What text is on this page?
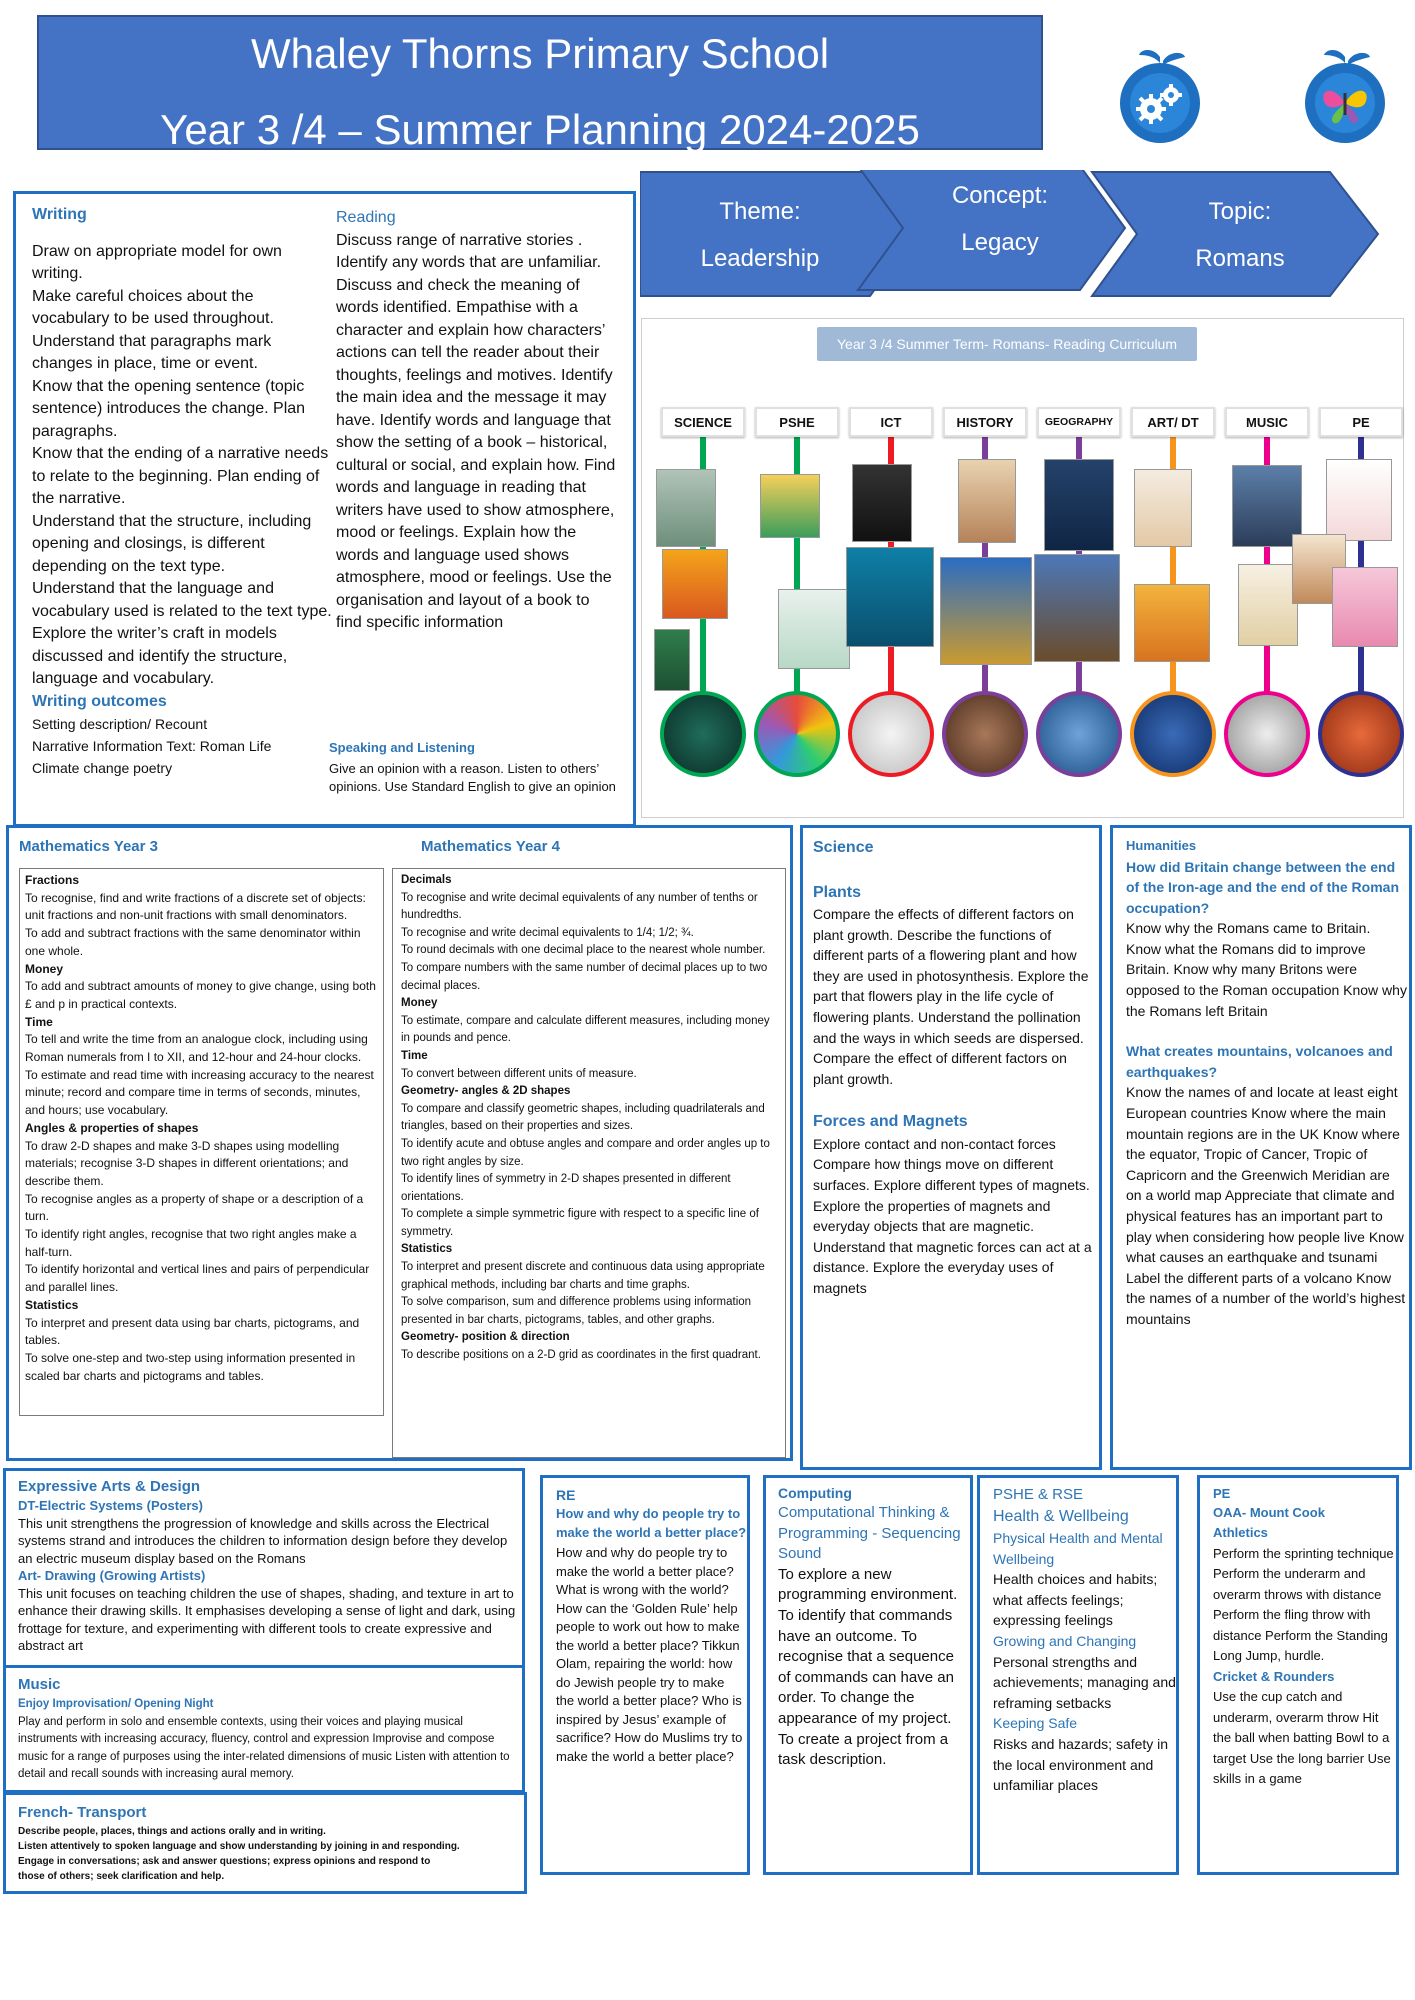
Whaley Thorns Primary School
Year 3 /4 – Summer Planning 2024-2025
Theme:
Leadership
Concept:
Legacy
Topic:
Romans
Writing

Draw on appropriate model for own writing.

Make careful choices about the vocabulary to be used throughout.

Understand that paragraphs mark changes in place, time or event.

Know that the opening sentence (topic sentence) introduces the change. Plan paragraphs.

Know that the ending of a narrative needs to relate to the beginning. Plan ending of the narrative.

Understand that the structure, including opening and closings, is different depending on the text type.

Understand that the language and vocabulary used is related to the text type.

Explore the writer’s craft in models discussed and identify the structure, language and vocabulary.

Writing outcomes

Setting description/ Recount

Narrative Information Text: Roman Life

Climate change poetry

Reading
Discuss range of narrative stories . Identify any words that are unfamiliar. Discuss and check the meaning of words identified. Empathise with a character and explain how characters’ actions can tell the reader about their thoughts, feelings and motives. Identify the main idea and the message it may have. Identify words and language that show the setting of a book – historical, cultural or social, and explain how. Find words and language in reading that writers have used to show atmosphere, mood or feelings. Explain how the words and language used shows atmosphere, mood or feelings. Use the organisation and layout of a book to find specific information
Speaking and Listening
Give an opinion with a reason. Listen to others’ opinions. Use Standard English to give an opinion
Year 3 /4 Summer Term- Romans- Reading Curriculum
SCIENCE	PSHE	ICT	HISTORY	GEOGRAPHY	ART/ DT	MUSIC	PE
Mathematics Year 3	Mathematics Year 4

Fractions

To recognise, find and write fractions of a discrete set of objects: unit fractions and non-unit fractions with small denominators.

To add and subtract fractions with the same denominator within one whole.

Money

To add and subtract amounts of money to give change, using both £ and p in practical contexts.

Time

To tell and write the time from an analogue clock, including using Roman numerals from I to XII, and 12-hour and 24-hour clocks.

To estimate and read time with increasing accuracy to the nearest minute; record and compare time in terms of seconds, minutes, and hours; use vocabulary.

Angles & properties of shapes

To draw 2-D shapes and make 3-D shapes using modelling materials; recognise 3-D shapes in different orientations; and describe them.

To recognise angles as a property of shape or a description of a turn.

To identify right angles, recognise that two right angles make a half-turn.

To identify horizontal and vertical lines and pairs of perpendicular and parallel lines.

Statistics

To interpret and present data using bar charts, pictograms, and tables.

To solve one-step and two-step using information presented in scaled bar charts and pictograms and tables.

Decimals

To recognise and write decimal equivalents of any number of tenths or hundredths.

To recognise and write decimal equivalents to 1/4; 1/2; ¾.

To round decimals with one decimal place to the nearest whole number.

To compare numbers with the same number of decimal places up to two decimal places.

Money

To estimate, compare and calculate different measures, including money in pounds and pence.

Time

To convert between different units of measure.

Geometry- angles & 2D shapes

To compare and classify geometric shapes, including quadrilaterals and triangles, based on their properties and sizes.

To identify acute and obtuse angles and compare and order angles up to two right angles by size.

To identify lines of symmetry in 2-D shapes presented in different orientations.

To complete a simple symmetric figure with respect to a specific line of symmetry.

Statistics

To interpret and present discrete and continuous data using appropriate graphical methods, including bar charts and time graphs.

To solve comparison, sum and difference problems using information presented in bar charts, pictograms, tables, and other graphs.

Geometry- position & direction

To describe positions on a 2-D grid as coordinates in the first quadrant.

Science
Plants
Compare the effects of different factors on plant growth. Describe the functions of different parts of a flowering plant and how they are used in photosynthesis. Explore the part that flowers play in the life cycle of flowering plants. Understand the pollination and the ways in which seeds are dispersed. Compare the effect of different factors on plant growth.
Forces and Magnets
Explore contact and non-contact forces Compare how things move on different surfaces. Explore different types of magnets. Explore the properties of magnets and everyday objects that are magnetic. Understand that magnetic forces can act at a distance. Explore the everyday uses of magnets
Humanities
How did Britain change between the end of the Iron-age and the end of the Roman occupation?
Know why the Romans came to Britain. Know what the Romans did to improve Britain. Know why many Britons were opposed to the Roman occupation Know why the Romans left Britain
What creates mountains, volcanoes and earthquakes?
Know the names of and locate at least eight European countries Know where the main mountain regions are in the UK Know where the equator, Tropic of Cancer, Tropic of Capricorn and the Greenwich Meridian are on a world map Appreciate that climate and physical features has an important part to play when considering how people live Know what causes an earthquake and tsunami Label the different parts of a volcano Know the names of a number of the world’s highest mountains
Expressive Arts & Design
DT-Electric Systems (Posters)
This unit strengthens the progression of knowledge and skills across the Electrical systems strand and introduces the children to information design before they develop an electric museum display based on the Romans
Art- Drawing (Growing Artists)
This unit focuses on teaching children the use of shapes, shading, and texture in art to enhance their drawing skills. It emphasises developing a sense of light and dark, using frottage for texture, and experimenting with different tools to create expressive and abstract art
Music
Enjoy Improvisation/ Opening Night
Play and perform in solo and ensemble contexts, using their voices and playing musical instruments with increasing accuracy, fluency, control and expression Improvise and compose music for a range of purposes using the inter-related dimensions of music Listen with attention to detail and recall sounds with increasing aural memory.
French- Transport

Describe people, places, things and actions orally and in writing.

Listen attentively to spoken language and show understanding by joining in and responding.

Engage in conversations; ask and answer questions; express opinions and respond to

those of others; seek clarification and help.

RE
How and why do people try to make the world a better place?
How and why do people try to make the world a better place? What is wrong with the world? How can the ‘Golden Rule’ help people to work out how to make the world a better place? Tikkun Olam, repairing the world: how do Jewish people try to make the world a better place? Who is inspired by Jesus’ example of sacrifice? How do Muslims try to make the world a better place?
Computing
Computational Thinking & Programming - Sequencing Sound
To explore a new programming environment. To identify that commands have an outcome. To recognise that a sequence of commands can have an order. To change the appearance of my project. To create a project from a task description.
PSHE & RSE
Health & Wellbeing
Physical Health and Mental Wellbeing
Health choices and habits; what affects feelings; expressing feelings
Growing and Changing
Personal strengths and achievements; managing and reframing setbacks
Keeping Safe
Risks and hazards; safety in the local environment and unfamiliar places
PE
OAA- Mount Cook
Athletics
Perform the sprinting technique Perform the underarm and overarm throws with distance Perform the fling throw with distance Perform the Standing Long Jump, hurdle.
Cricket & Rounders
Use the cup catch and underarm, overarm throw Hit the ball when batting Bowl to a target Use the long barrier Use skills in a game
